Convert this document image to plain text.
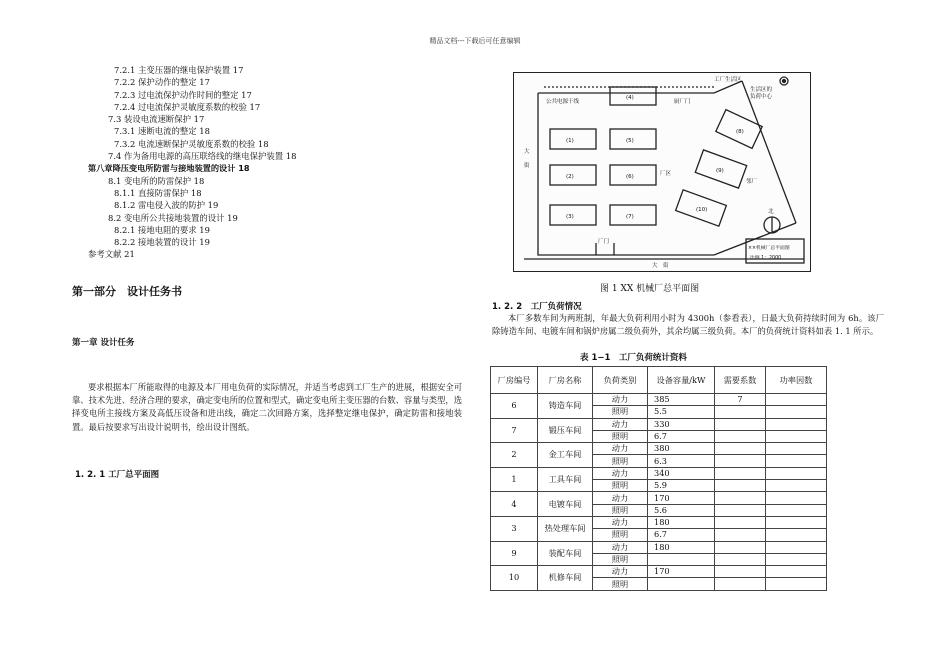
精品文档---下载后可任意编辑
7.2.1 主变压器的继电保护装置 17
7.2.2 保护动作的整定 17
7.2.3 过电流保护动作时间的整定 17
7.2.4 过电流保护灵敏度系数的校验 17
7.3 装设电流速断保护 17
7.3.1 速断电流的整定 18
7.3.2 电流速断保护灵敏度系数的校验 18
7.4 作为备用电源的高压联络线的继电保护装置 18
第八章降压变电所防雷与接地装置的设计 18
8.1 变电所的防雷保护 18
8.1.1 直接防雷保护 18
8.1.2 雷电侵入波的防护 19
8.2 变电所公共接地装置的设计 19
8.2.1 接地电阻的要求 19
8.2.2 接地装置的设计 19
参考文献 21
第一部分　设计任务书
第一章 设计任务
要求根据本厂所能取得的电源及本厂用电负荷的实际情况，并适当考虑到工厂生产的进展，根据安全可靠、技术先进、经济合理的要求，确定变电所的位置和型式，确定变电所主变压器的台数、容量与类型，选择变电所主接线方案及高低压设备和进出线，确定二次回路方案，选择整定继电保护，确定防雷和接地装置。最后按要求写出设计说明书，绘出设计图纸。
1. 2. 1 工厂总平面图
(4)
(1)	(5)
(2)	(6)
(3)	(7)
(8)
(9)
(10)
公共电源干线
厂区
厨厂门
厂门
工厂生活区
生活区的
负荷中心
邻厂
北
××机械厂总平面图
比例 1：2000
大　街
大
街
图 1 XX 机械厂总平面图
1. 2. 2　工厂负荷情况
本厂多数车间为两班制，年最大负荷利用小时为 4300h（参看表），日最大负荷持续时间为 6h。该厂除铸造车间、电镀车间和锅炉房属二级负荷外，其余均属三级负荷。本厂的负荷统计资料如表 1. 1 所示。
表 1−1　工厂负荷统计资料
厂房编号	厂房名称	负荷类别	设备容量/kW	需要系数	功率因数
6	铸造车间	动力	385	7	
		照明	5.5		
7	锻压车间	动力	330		
		照明	6.7		
2	金工车间	动力	380		
		照明	6.3		
1	工具车间	动力	340		
		照明	5.9		
4	电镀车间	动力	170		
		照明	5.6		
3	热处理车间	动力	180		
		照明	6.7		
9	装配车间	动力	180		
		照明			
10	机修车间	动力	170		
		照明			
